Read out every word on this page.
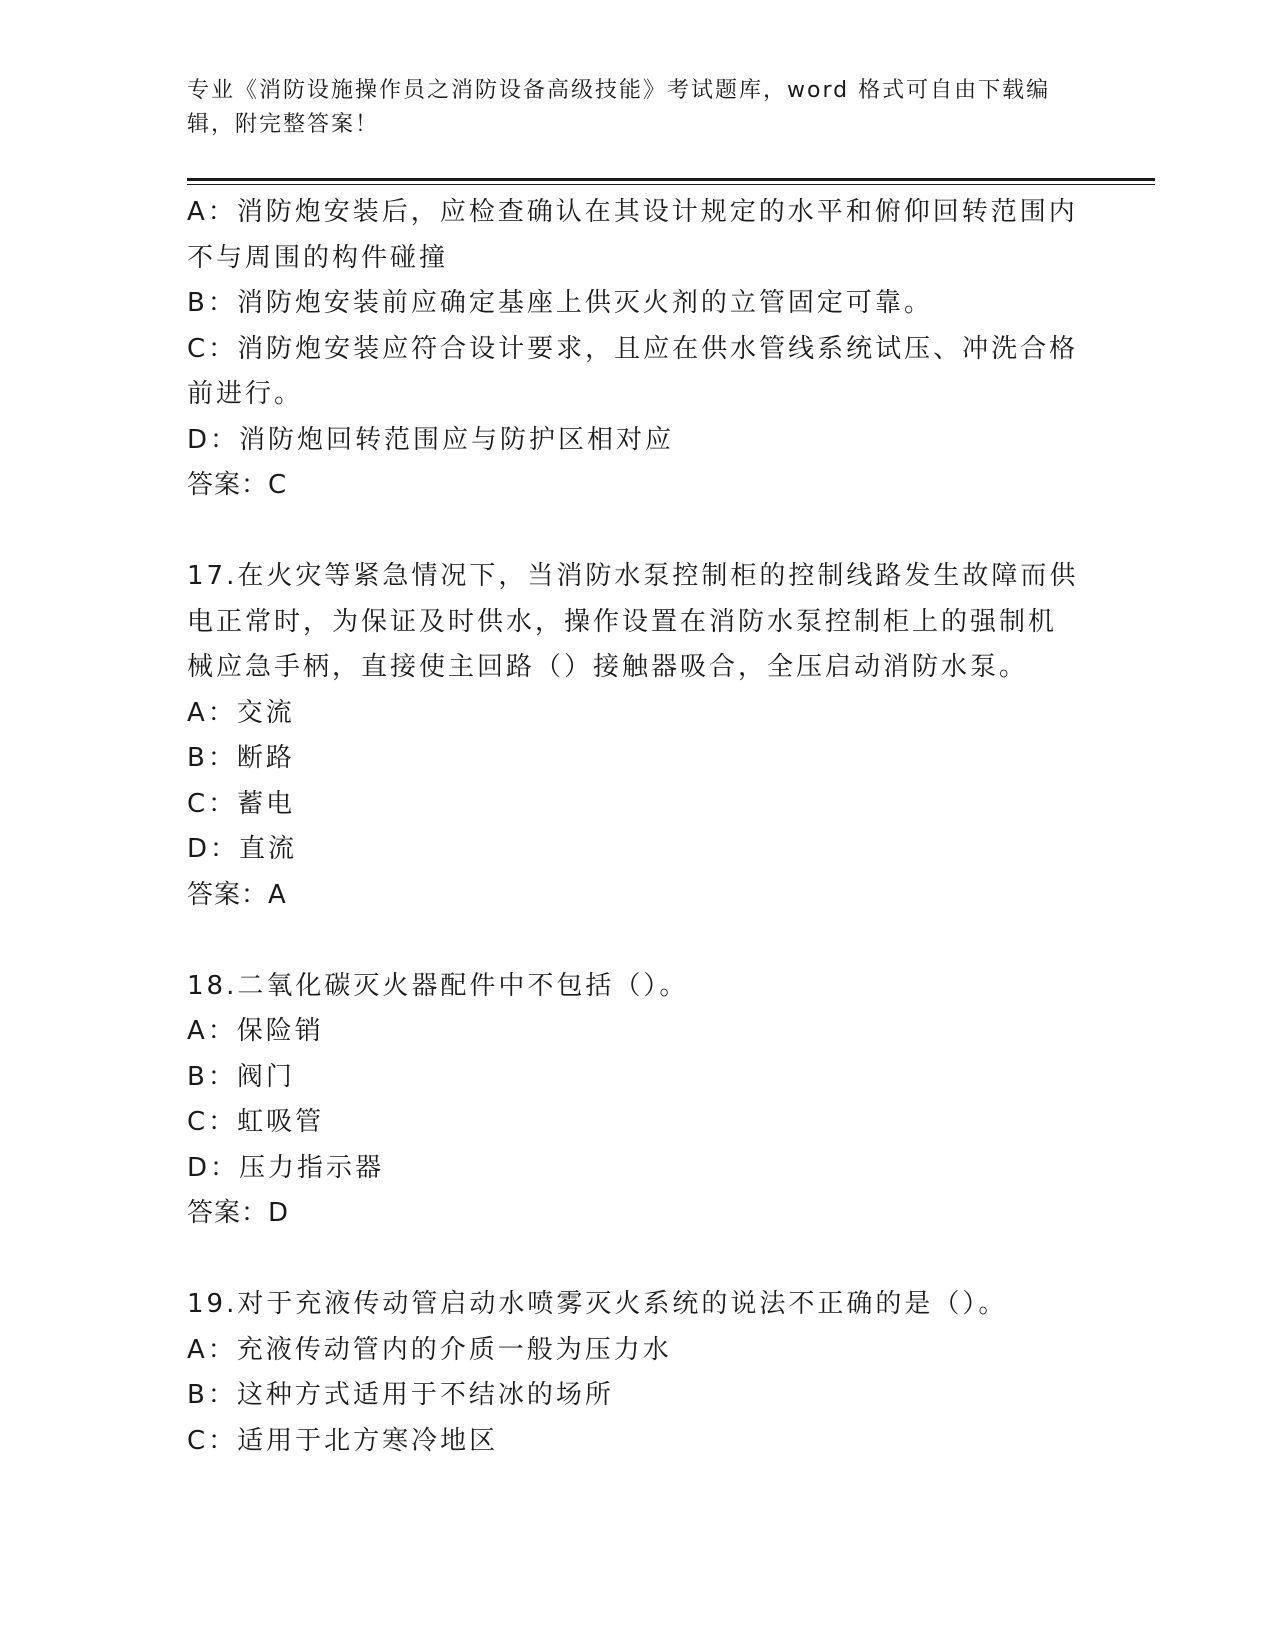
专业《消防设施操作员之消防设备高级技能》考试题库，word 格式可自由下载编
辑，附完整答案！
A：消防炮安装后，应检查确认在其设计规定的水平和俯仰回转范围内
不与周围的构件碰撞
B：消防炮安装前应确定基座上供灭火剂的立管固定可靠。
C：消防炮安装应符合设计要求，且应在供水管线系统试压、冲洗合格
前进行。
D：消防炮回转范围应与防护区相对应
答案：C
17.在火灾等紧急情况下，当消防水泵控制柜的控制线路发生故障而供
电正常时，为保证及时供水，操作设置在消防水泵控制柜上的强制机
械应急手柄，直接使主回路（）接触器吸合，全压启动消防水泵。
A：交流
B：断路
C：蓄电
D：直流
答案：A
18.二氧化碳灭火器配件中不包括（）。
A：保险销
B：阀门
C：虹吸管
D：压力指示器
答案：D
19.对于充液传动管启动水喷雾灭火系统的说法不正确的是（）。
A：充液传动管内的介质一般为压力水
B：这种方式适用于不结冰的场所
C：适用于北方寒冷地区
